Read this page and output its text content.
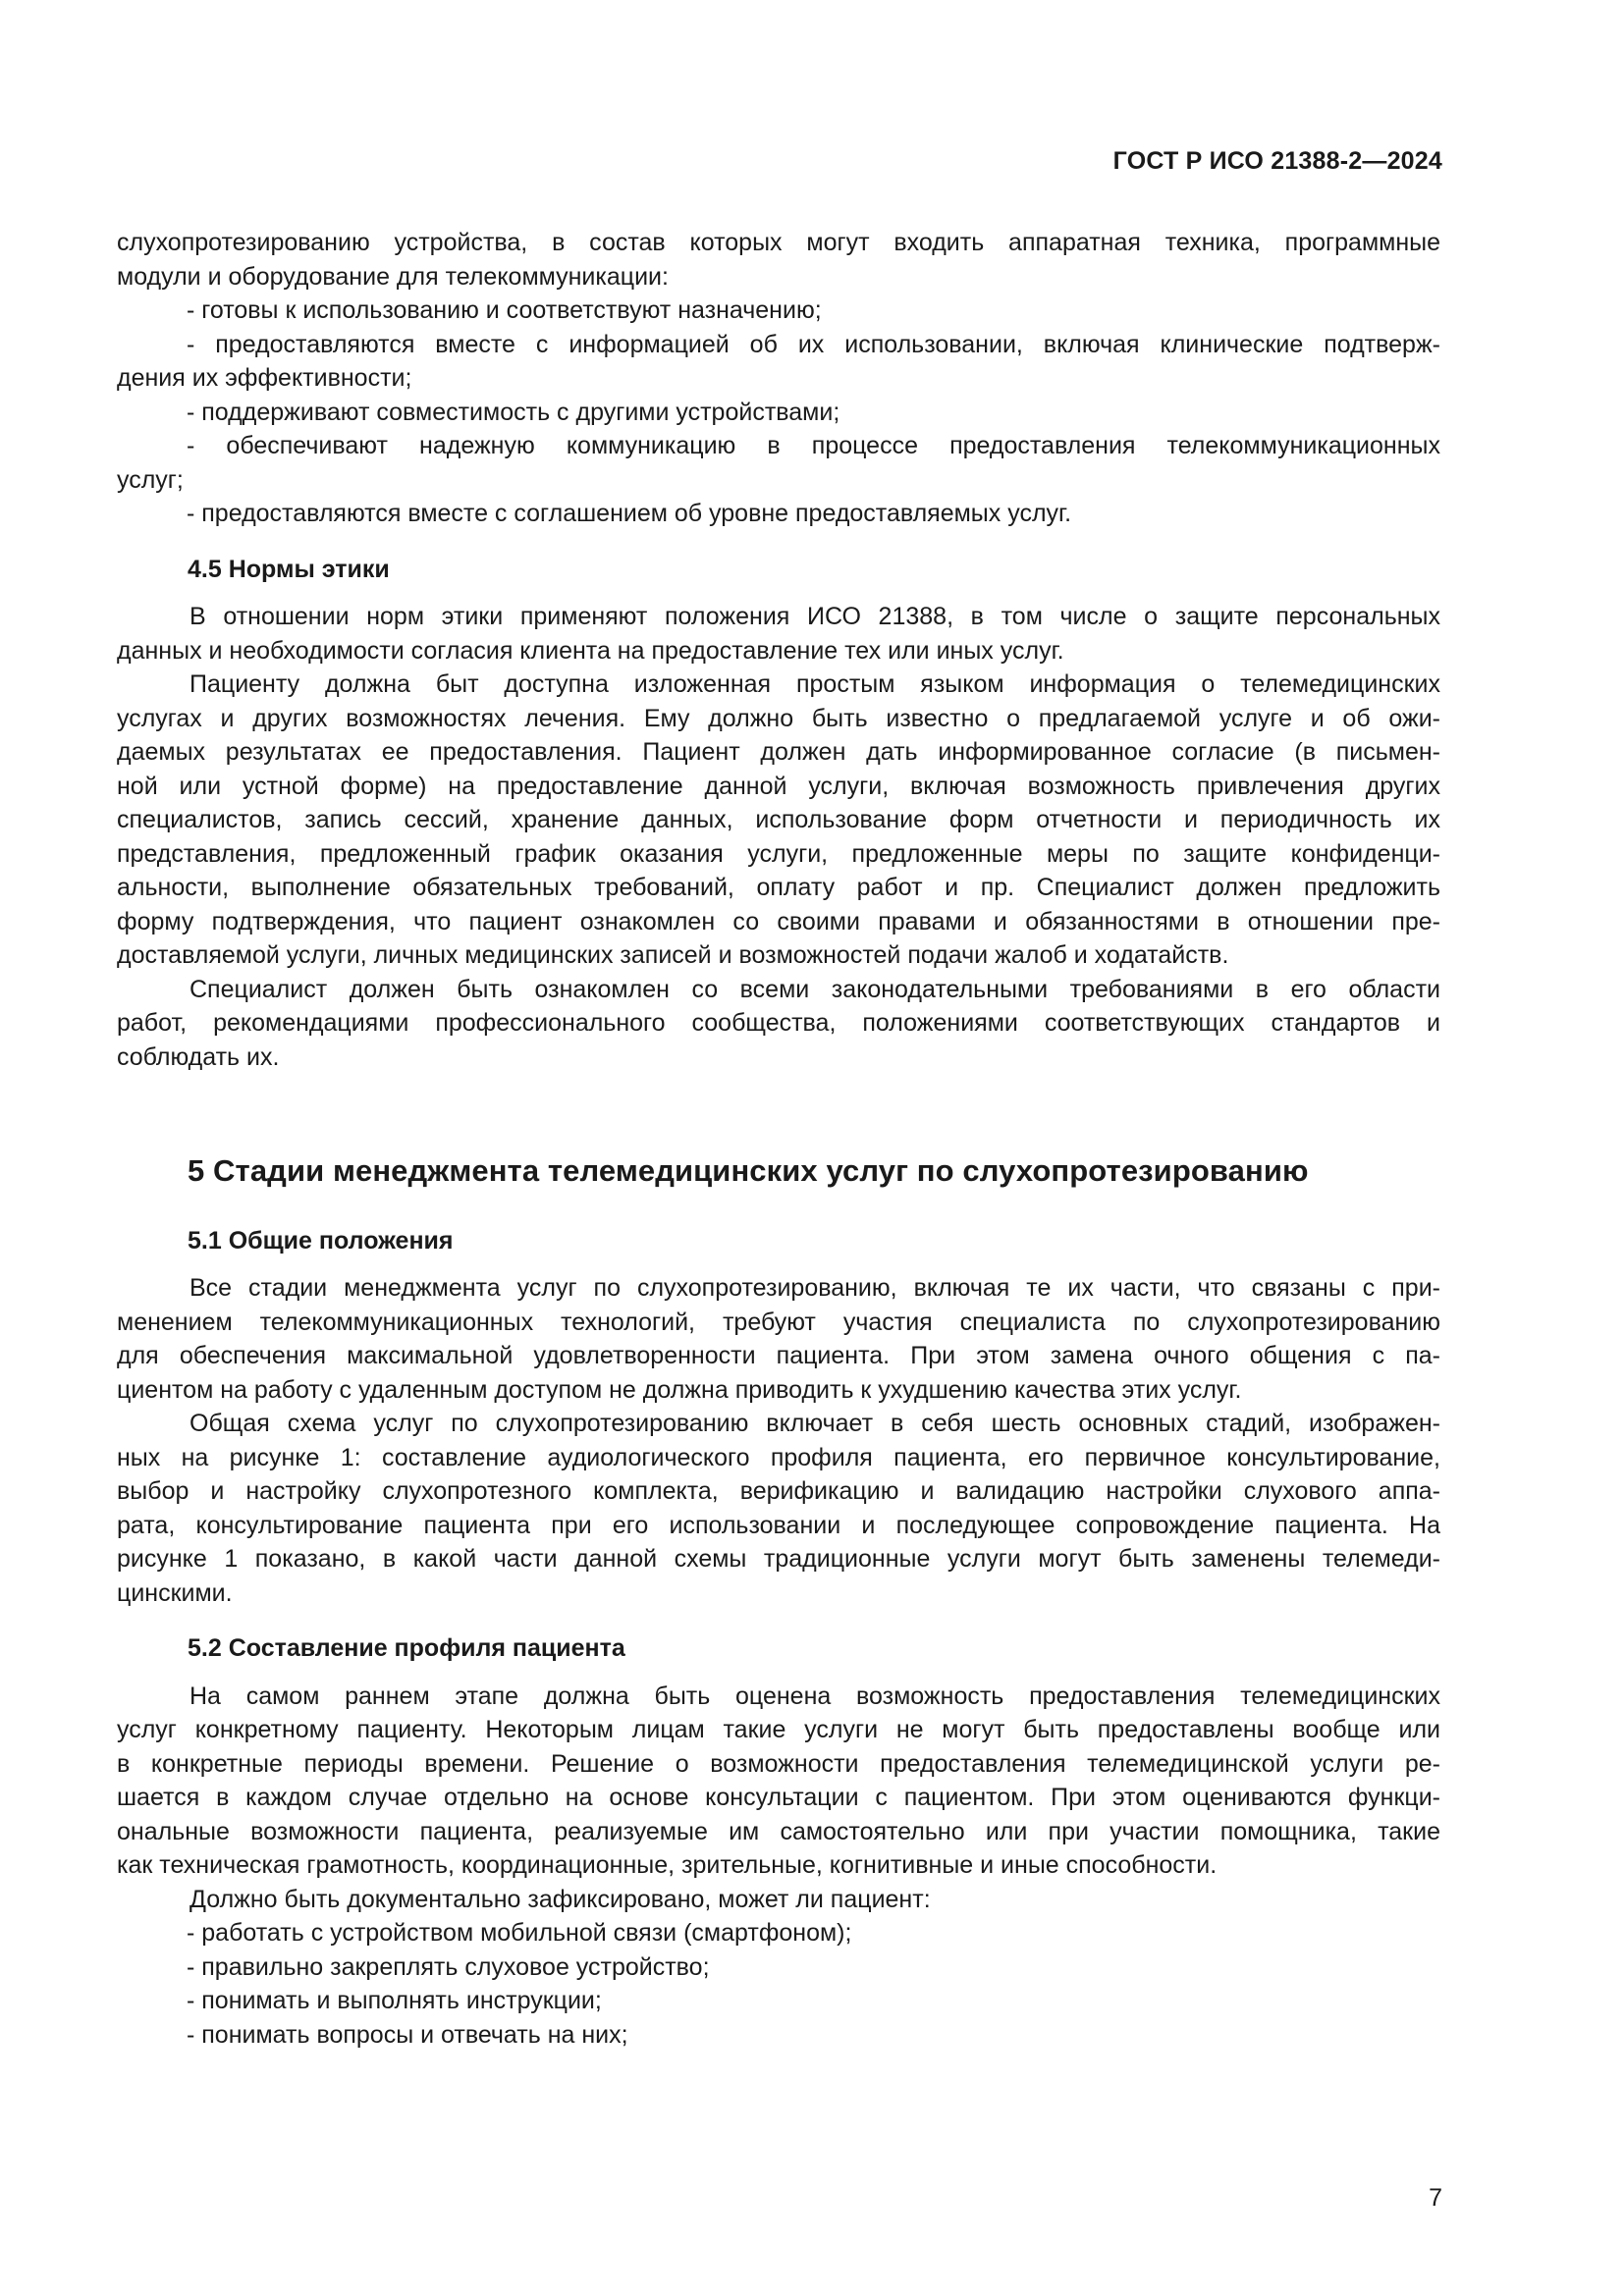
ГОСТ Р ИСО 21388-2—2024

слухопротезированию устройства, в состав которых могут входить аппаратная техника, программные

модули и оборудование для телекоммуникации:

- готовы к использованию и соответствуют назначению;

- предоставляются вместе с информацией об их использовании, включая клинические подтверж-

дения их эффективности;

- поддерживают совместимость с другими устройствами;

- обеспечивают надежную коммуникацию в процессе предоставления телекоммуникационных

услуг;

- предоставляются вместе с соглашением об уровне предоставляемых услуг.

4.5 Нормы этики

В отношении норм этики применяют положения ИСО 21388, в том числе о защите персональных

данных и необходимости согласия клиента на предоставление тех или иных услуг.

Пациенту должна быт доступна изложенная простым языком информация о телемедицинских

услугах и других возможностях лечения. Ему должно быть известно о предлагаемой услуге и об ожи-

даемых результатах ее предоставления. Пациент должен дать информированное согласие (в письмен-

ной или устной форме) на предоставление данной услуги, включая возможность привлечения других

специалистов, запись сессий, хранение данных, использование форм отчетности и периодичность их

представления, предложенный график оказания услуги, предложенные меры по защите конфиденци-

альности, выполнение обязательных требований, оплату работ и пр. Специалист должен предложить

форму подтверждения, что пациент ознакомлен со своими правами и обязанностями в отношении пре-

доставляемой услуги, личных медицинских записей и возможностей подачи жалоб и ходатайств.

Специалист должен быть ознакомлен со всеми законодательными требованиями в его области

работ, рекомендациями профессионального сообщества, положениями соответствующих стандартов и

соблюдать их.

5 Стадии менеджмента телемедицинских услуг по слухопротезированию
5.1 Общие положения

Все стадии менеджмента услуг по слухопротезированию, включая те их части, что связаны с при-

менением телекоммуникационных технологий, требуют участия специалиста по слухопротезированию

для обеспечения максимальной удовлетворенности пациента. При этом замена очного общения с па-

циентом на работу с удаленным доступом не должна приводить к ухудшению качества этих услуг.

Общая схема услуг по слухопротезированию включает в себя шесть основных стадий, изображен-

ных на рисунке 1: составление аудиологического профиля пациента, его первичное консультирование,

выбор и настройку слухопротезного комплекта, верификацию и валидацию настройки слухового аппа-

рата, консультирование пациента при его использовании и последующее сопровождение пациента. На

рисунке 1 показано, в какой части данной схемы традиционные услуги могут быть заменены телемеди-

цинскими.

5.2 Составление профиля пациента

На самом раннем этапе должна быть оценена возможность предоставления телемедицинских

услуг конкретному пациенту. Некоторым лицам такие услуги не могут быть предоставлены вообще или

в конкретные периоды времени. Решение о возможности предоставления телемедицинской услуги ре-

шается в каждом случае отдельно на основе консультации с пациентом. При этом оцениваются функци-

ональные возможности пациента, реализуемые им самостоятельно или при участии помощника, такие

как техническая грамотность, координационные, зрительные, когнитивные и иные способности.

Должно быть документально зафиксировано, может ли пациент:

- работать с устройством мобильной связи (смартфоном);

- правильно закреплять слуховое устройство;

- понимать и выполнять инструкции;

- понимать вопросы и отвечать на них;

7
